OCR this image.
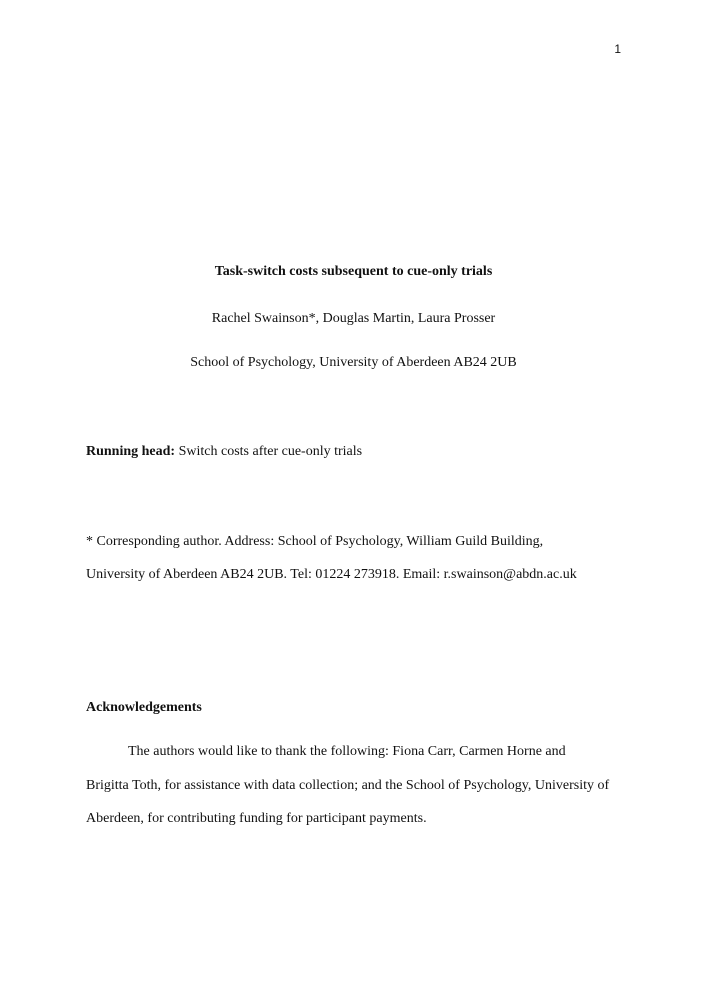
1
Task-switch costs subsequent to cue-only trials
Rachel Swainson*, Douglas Martin, Laura Prosser
School of Psychology, University of Aberdeen AB24 2UB
Running head: Switch costs after cue-only trials
* Corresponding author. Address: School of Psychology, William Guild Building,
University of Aberdeen AB24 2UB. Tel: 01224 273918. Email: r.swainson@abdn.ac.uk
Acknowledgements
The authors would like to thank the following: Fiona Carr, Carmen Horne and
Brigitta Toth, for assistance with data collection; and the School of Psychology, University of
Aberdeen, for contributing funding for participant payments.
